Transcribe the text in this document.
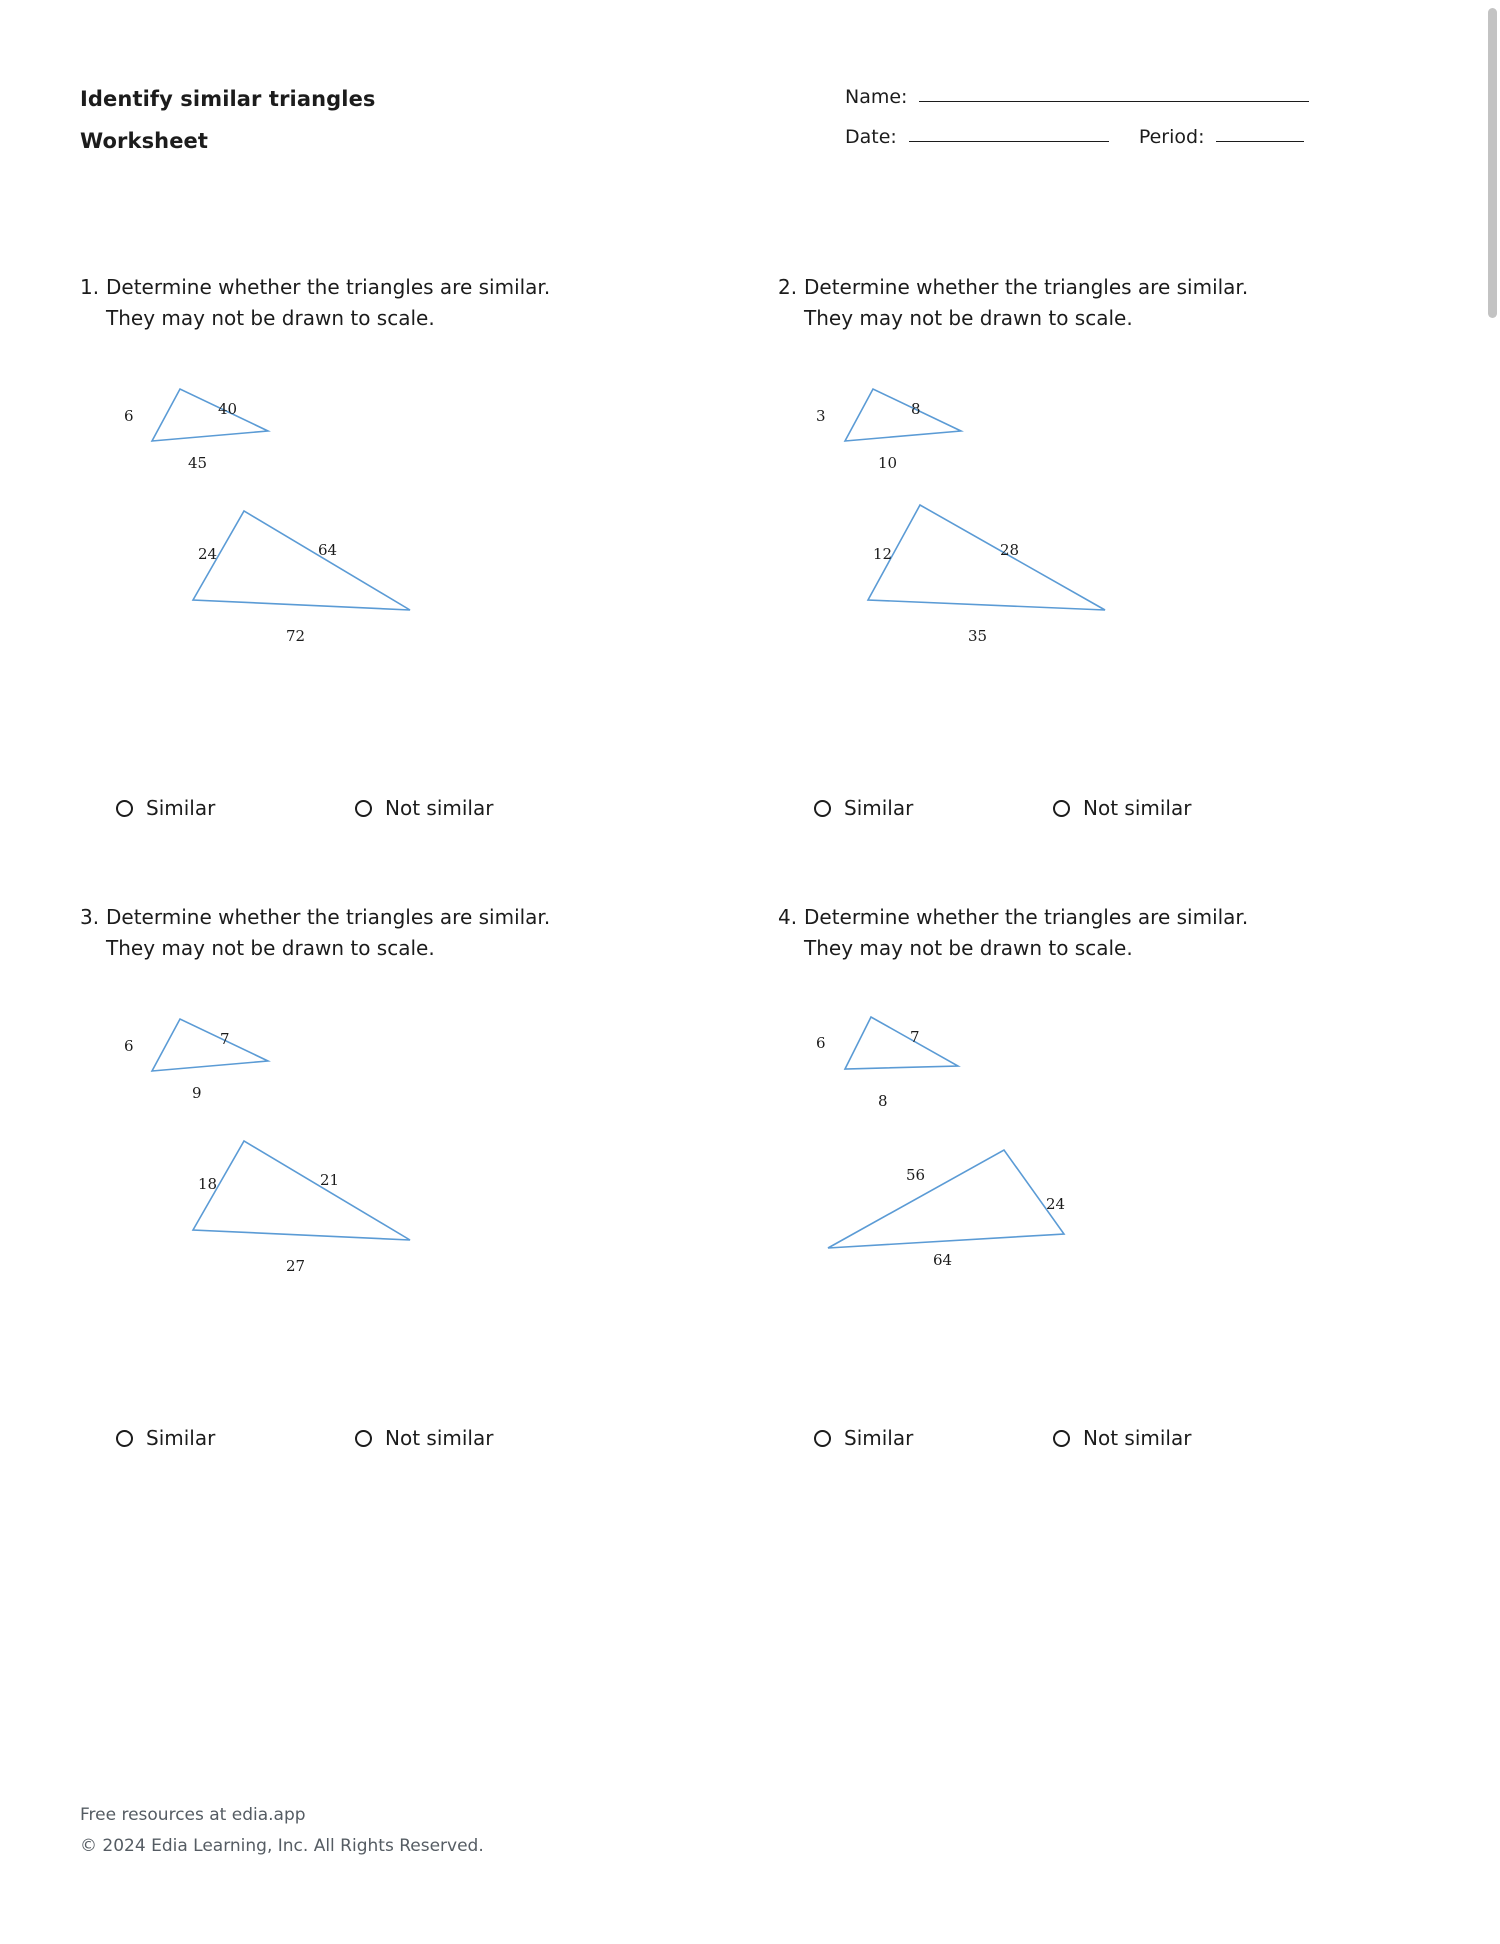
Identify similar triangles
Worksheet
Name:
Date:	Period:
1. Determine whether the triangles are similar.
They may not be drawn to scale.
6	40
45
24	64
72
Similar	Not similar
2. Determine whether the triangles are similar.
They may not be drawn to scale.
3	8
10
12	28
35
Similar	Not similar
3. Determine whether the triangles are similar.
They may not be drawn to scale.
6	7
9
18	21
27
Similar	Not similar
4. Determine whether the triangles are similar.
They may not be drawn to scale.
6	7
8
56
24
64
Similar	Not similar
Free resources at edia.app
© 2024 Edia Learning, Inc. All Rights Reserved.
